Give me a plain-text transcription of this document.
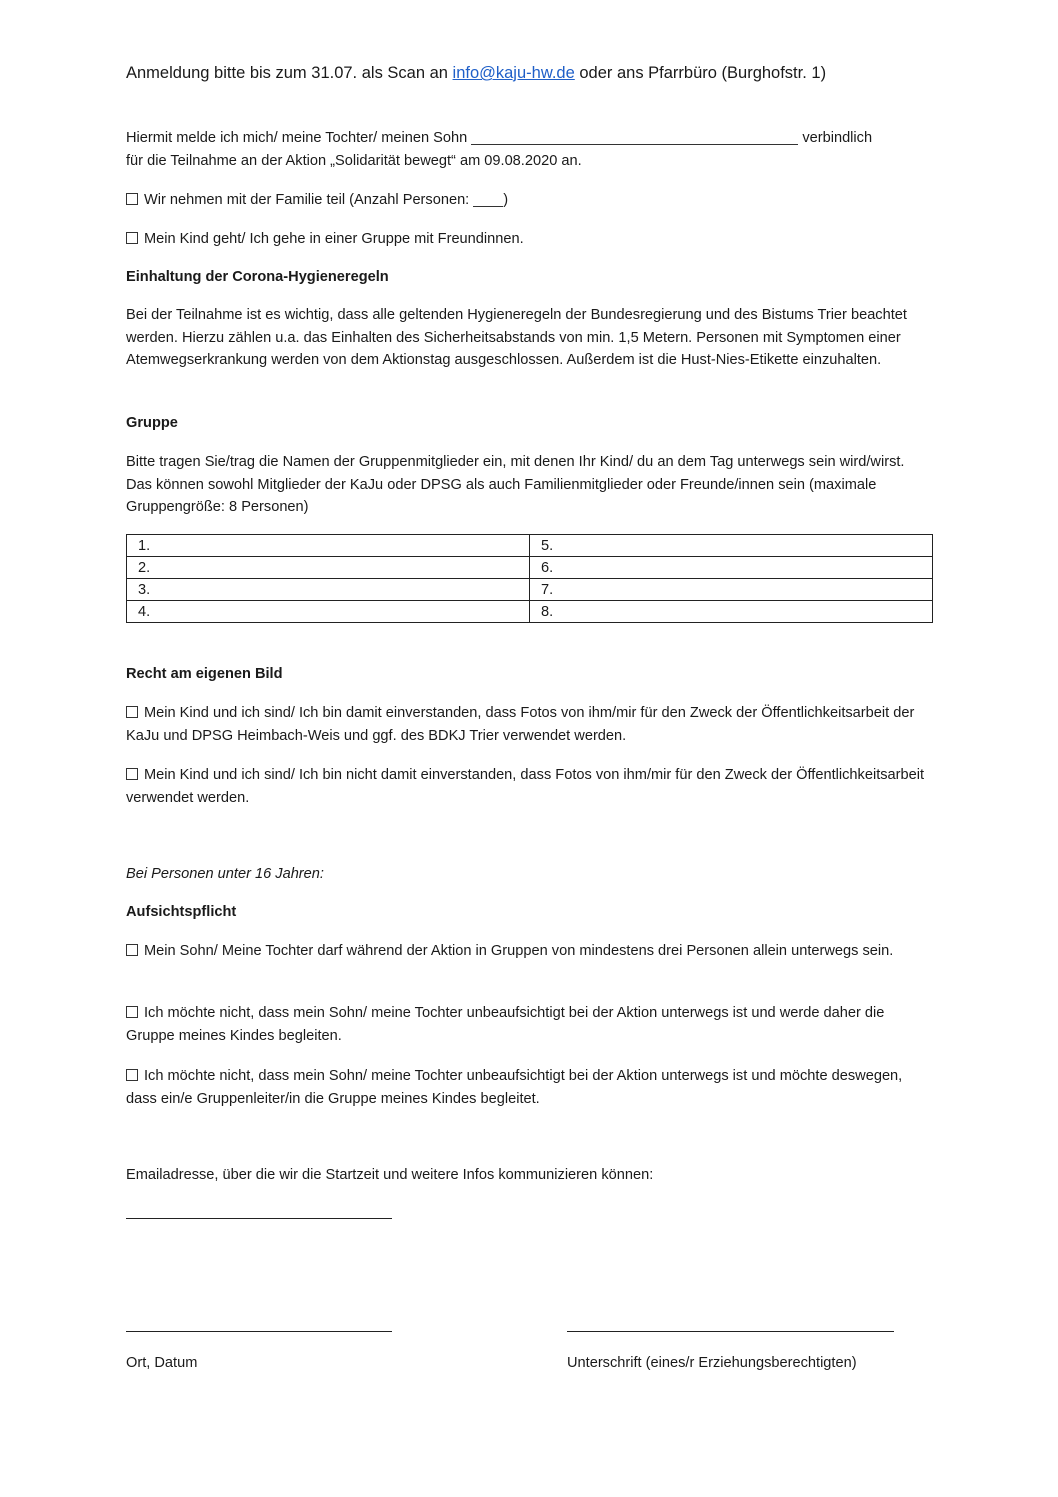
Anmeldung bitte bis zum 31.07. als Scan an info@kaju-hw.de oder ans Pfarrbüro (Burghofstr. 1)
Hiermit melde ich mich/ meine Tochter/ meinen Sohn	verbindlich
für die Teilnahme an der Aktion „Solidarität bewegt“ am 09.08.2020 an.
Wir nehmen mit der Familie teil (Anzahl Personen: )
Mein Kind geht/ Ich gehe in einer Gruppe mit Freundinnen.
Einhaltung der Corona-Hygieneregeln
Bei der Teilnahme ist es wichtig, dass alle geltenden Hygieneregeln der Bundesregierung und des Bistums Trier beachtet werden. Hierzu zählen u.a. das Einhalten des Sicherheitsabstands von min. 1,5 Metern. Personen mit Symptomen einer Atemwegserkrankung werden von dem Aktionstag ausgeschlossen. Außerdem ist die Hust-Nies-Etikette einzuhalten.
Gruppe
Bitte tragen Sie/trag die Namen der Gruppenmitglieder ein, mit denen Ihr Kind/ du an dem Tag unterwegs sein wird/wirst. Das können sowohl Mitglieder der KaJu oder DPSG als auch Familienmitglieder oder Freunde/innen sein (maximale Gruppengröße: 8 Personen)
1.	5.
2.	6.
3.	7.
4.	8.
Recht am eigenen Bild
Mein Kind und ich sind/ Ich bin damit einverstanden, dass Fotos von ihm/mir für den Zweck der Öffentlichkeitsarbeit der KaJu und DPSG Heimbach-Weis und ggf. des BDKJ Trier verwendet werden.
Mein Kind und ich sind/ Ich bin nicht damit einverstanden, dass Fotos von ihm/mir für den Zweck der Öffentlichkeitsarbeit verwendet werden.
Bei Personen unter 16 Jahren:
Aufsichtspflicht
Mein Sohn/ Meine Tochter darf während der Aktion in Gruppen von mindestens drei Personen allein unterwegs sein.
Ich möchte nicht, dass mein Sohn/ meine Tochter unbeaufsichtigt bei der Aktion unterwegs ist und werde daher die Gruppe meines Kindes begleiten.
Ich möchte nicht, dass mein Sohn/ meine Tochter unbeaufsichtigt bei der Aktion unterwegs ist und möchte deswegen, dass ein/e Gruppenleiter/in die Gruppe meines Kindes begleitet.
Emailadresse, über die wir die Startzeit und weitere Infos kommunizieren können:
Ort, Datum	Unterschrift (eines/r Erziehungsberechtigten)
